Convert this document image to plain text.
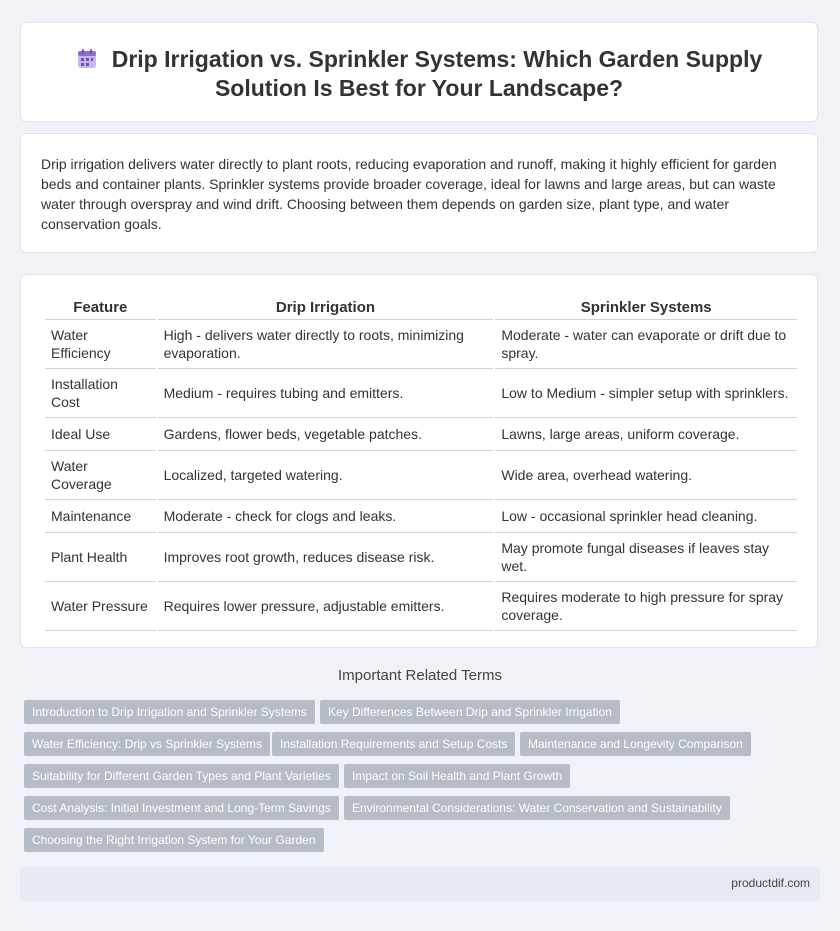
Drip Irrigation vs. Sprinkler Systems: Which Garden Supply Solution Is Best for Your Landscape?

Drip irrigation delivers water directly to plant roots, reducing evaporation and runoff, making it highly efficient for garden beds and container plants. Sprinkler systems provide broader coverage, ideal for lawns and large areas, but can waste water through overspray and wind drift. Choosing between them depends on garden size, plant type, and water conservation goals.

Feature	Drip Irrigation	Sprinkler Systems
Water Efficiency	High - delivers water directly to roots, minimizing evaporation.	Moderate - water can evaporate or drift due to spray.
Installation Cost	Medium - requires tubing and emitters.	Low to Medium - simpler setup with sprinklers.
Ideal Use	Gardens, flower beds, vegetable patches.	Lawns, large areas, uniform coverage.
Water Coverage	Localized, targeted watering.	Wide area, overhead watering.
Maintenance	Moderate - check for clogs and leaks.	Low - occasional sprinkler head cleaning.
Plant Health	Improves root growth, reduces disease risk.	May promote fungal diseases if leaves stay wet.
Water Pressure	Requires lower pressure, adjustable emitters.	Requires moderate to high pressure for spray coverage.
Important Related Terms
Introduction to Drip Irrigation and Sprinkler Systems	Key Differences Between Drip and Sprinkler Irrigation
Water Efficiency: Drip vs Sprinkler Systems	Installation Requirements and Setup Costs	Maintenance and Longevity Comparison
Suitability for Different Garden Types and Plant Varieties	Impact on Soil Health and Plant Growth
Cost Analysis: Initial Investment and Long-Term Savings	Environmental Considerations: Water Conservation and Sustainability
Choosing the Right Irrigation System for Your Garden
productdif.com
